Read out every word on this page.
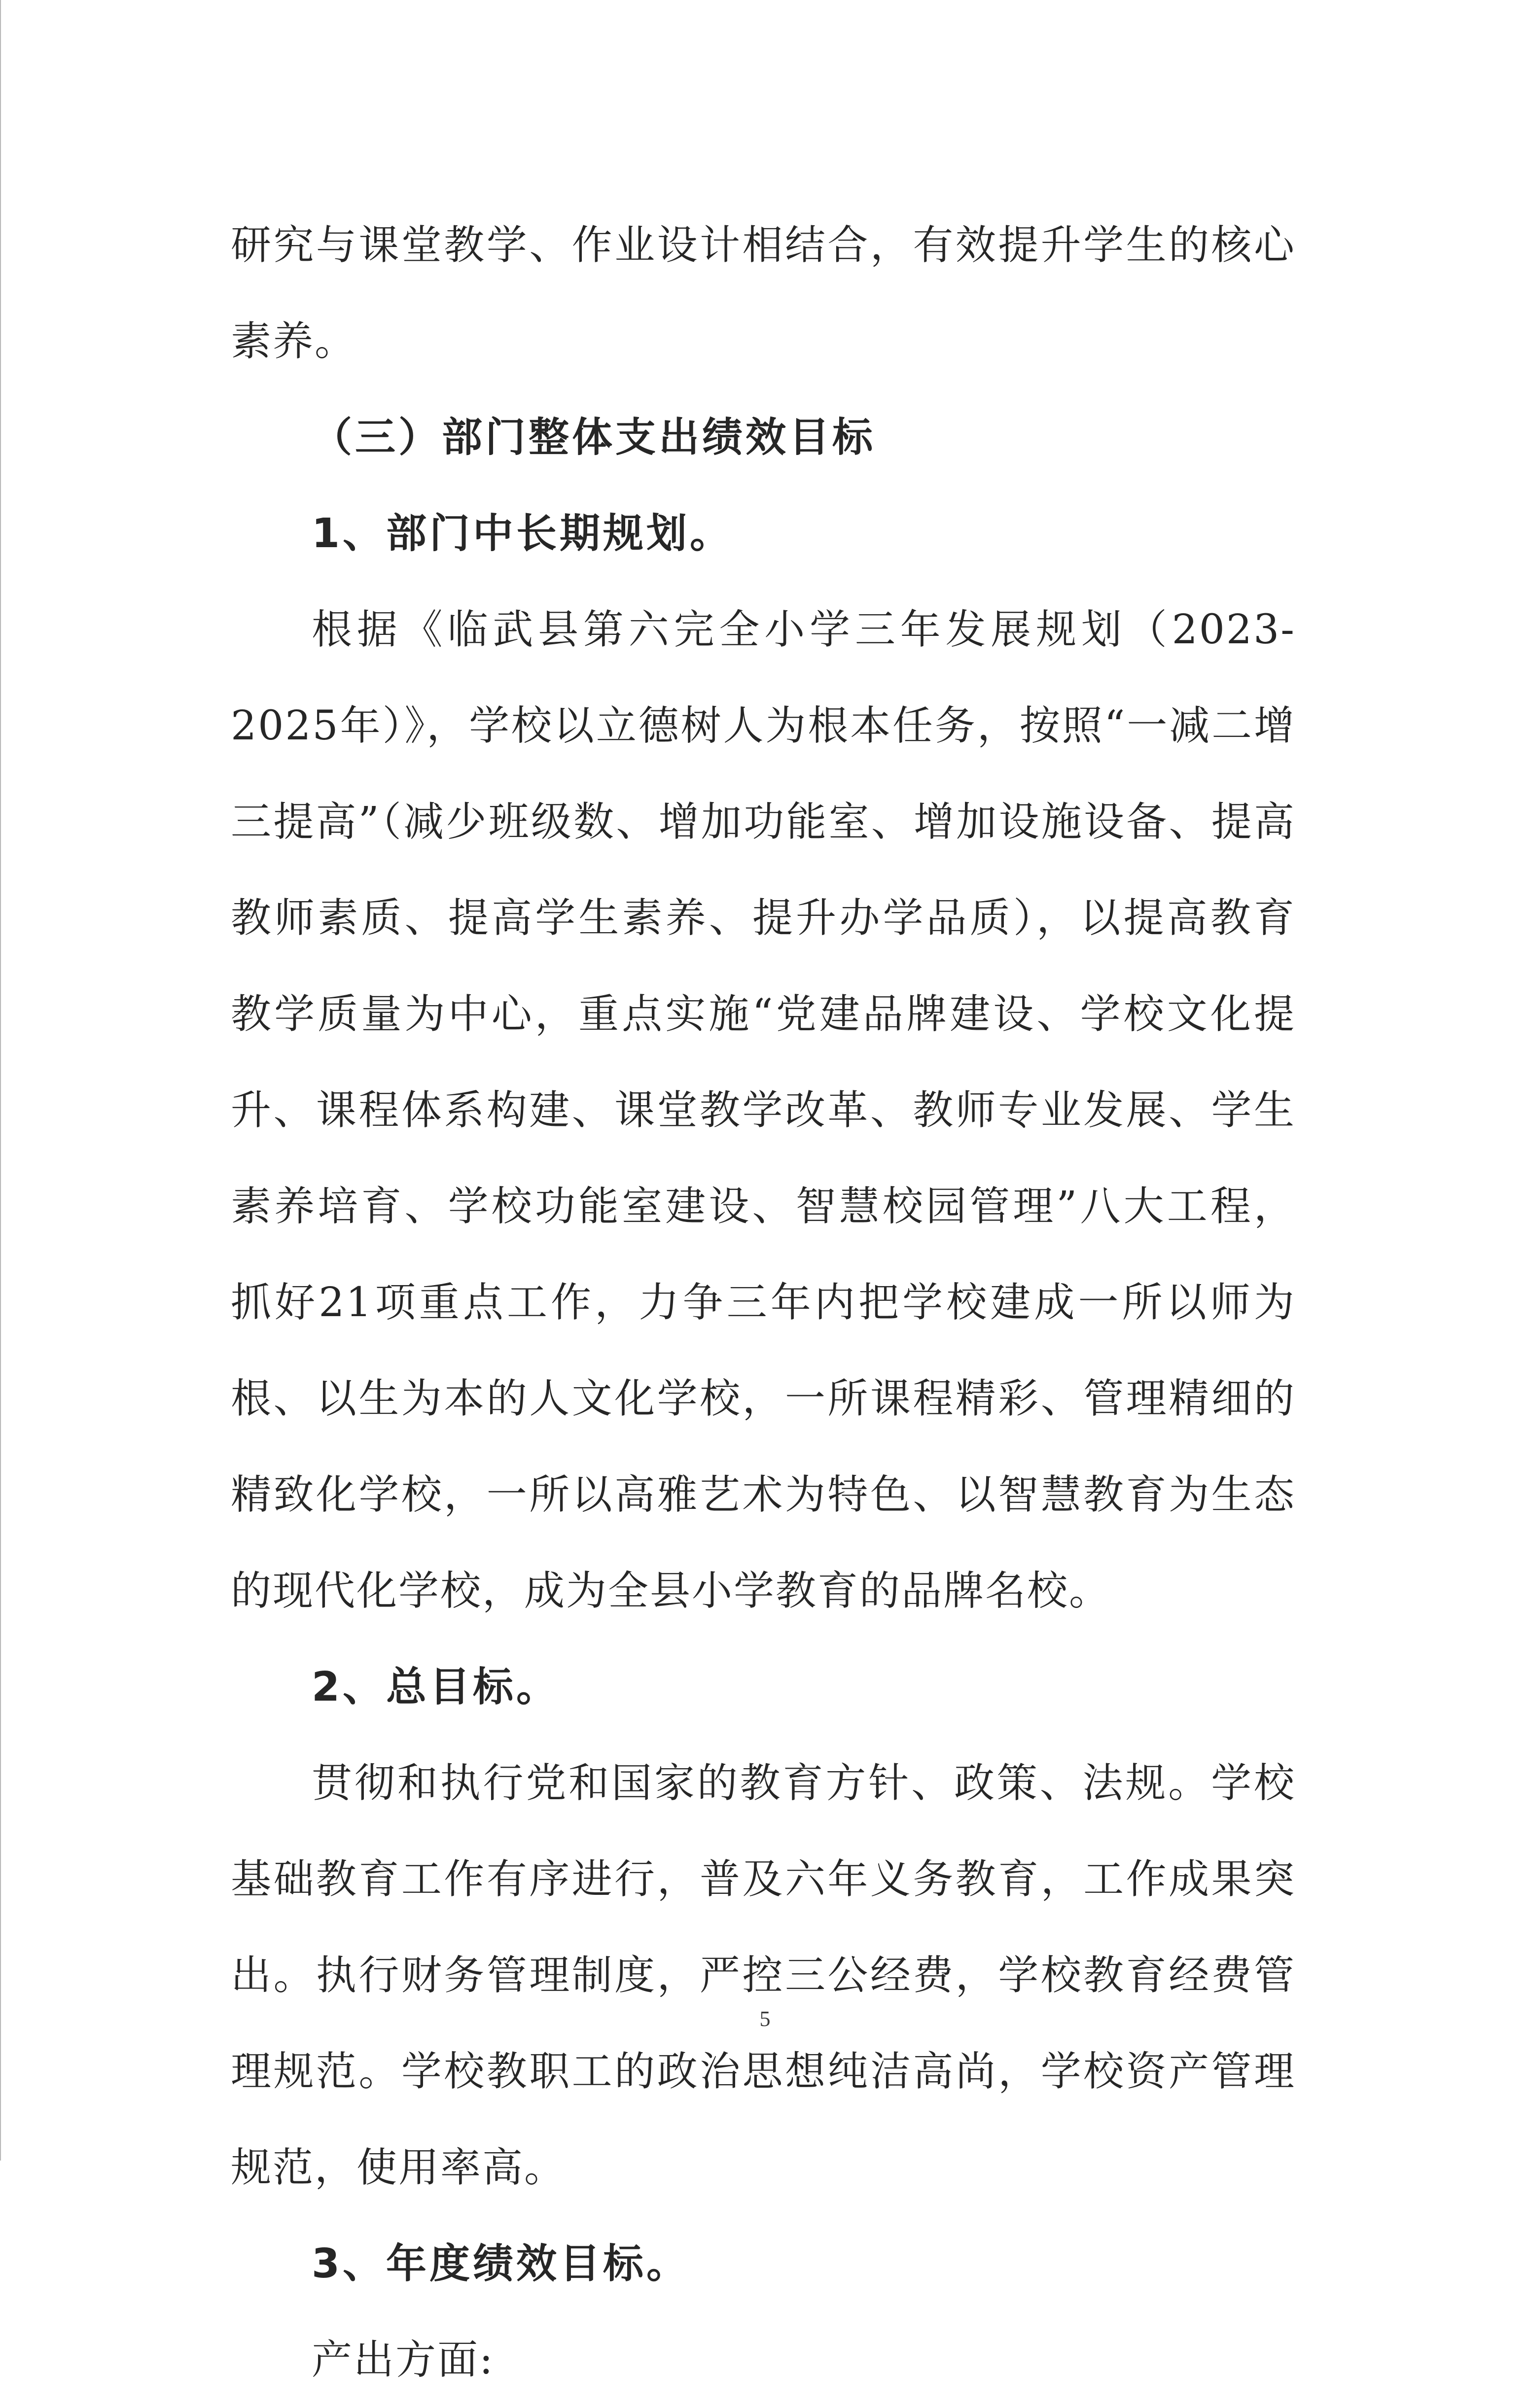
研究与课堂教学、作业设计相结合，有效提升学生的核心素养。

（三）部门整体支出绩效目标

1、部门中长期规划。

根据《临武县第六完全小学三年发展规划（2023-2025年）》，学校以立德树人为根本任务，按照“一减二增三提高”（减少班级数、增加功能室、增加设施设备、提高教师素质、提高学生素养、提升办学品质），以提高教育教学质量为中心，重点实施“党建品牌建设、学校文化提升、课程体系构建、课堂教学改革、教师专业发展、学生素养培育、学校功能室建设、智慧校园管理”八大工程，抓好21项重点工作，力争三年内把学校建成一所以师为根、以生为本的人文化学校，一所课程精彩、管理精细的精致化学校，一所以高雅艺术为特色、以智慧教育为生态的现代化学校，成为全县小学教育的品牌名校。

2、总目标。

贯彻和执行党和国家的教育方针、政策、法规。学校基础教育工作有序进行，普及六年义务教育，工作成果突出。执行财务管理制度，严控三公经费，学校教育经费管理规范。学校教职工的政治思想纯洁高尚，学校资产管理规范，使用率高。

3、年度绩效目标。

产出方面:

5
